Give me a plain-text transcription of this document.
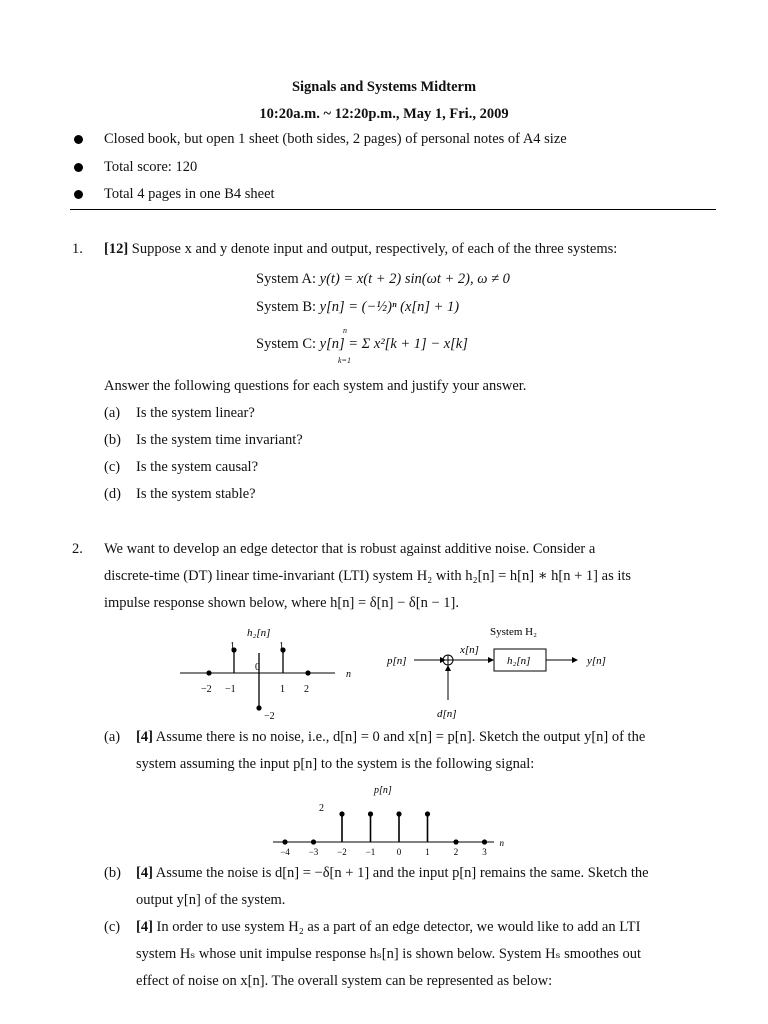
Signals and Systems Midterm
10:20a.m. ~ 12:20p.m., May 1, Fri., 2009
Closed book, but open 1 sheet (both sides, 2 pages) of personal notes of A4 size
Total score: 120
Total 4 pages in one B4 sheet
1. [12] Suppose x and y denote input and output, respectively, of each of the three systems:
System A: y(t) = x(t + 2) sin(ωt + 2), ω ≠ 0
System B: y[n] = (−½)ⁿ (x[n] + 1)
System C: y[n] = Σ x²[k + 1] − x[k]
n
k=1
Answer the following questions for each system and justify your answer.
(a) Is the system linear?
(b) Is the system time invariant?
(c) Is the system causal?
(d) Is the system stable?
2. We want to develop an edge detector that is robust against additive noise. Consider a
discrete-time (DT) linear time-invariant (LTI) system H₂ with h₂[n] = h[n] ∗ h[n + 1] as its
impulse response shown below, where h[n] = δ[n] − δ[n − 1].
h₂[n]
1	1
0
−2
−2 −1	1 2
n
System H₂
p[n]
d[n]
x[n]
h₂[n]	y[n]
(a) [4] Assume there is no noise, i.e., d[n] = 0 and x[n] = p[n]. Sketch the output y[n] of the
system assuming the input p[n] to the system is the following signal:
p[n]
2
n
−4 −3 −2 −1 0	1	2	3
(b) [4] Assume the noise is d[n] = −δ[n + 1] and the input p[n] remains the same. Sketch the
output y[n] of the system.
(c) [4] In order to use system H₂ as a part of an edge detector, we would like to add an LTI
system Hₛ whose unit impulse response hₛ[n] is shown below. System Hₛ smoothes out
effect of noise on x[n]. The overall system can be represented as below:
